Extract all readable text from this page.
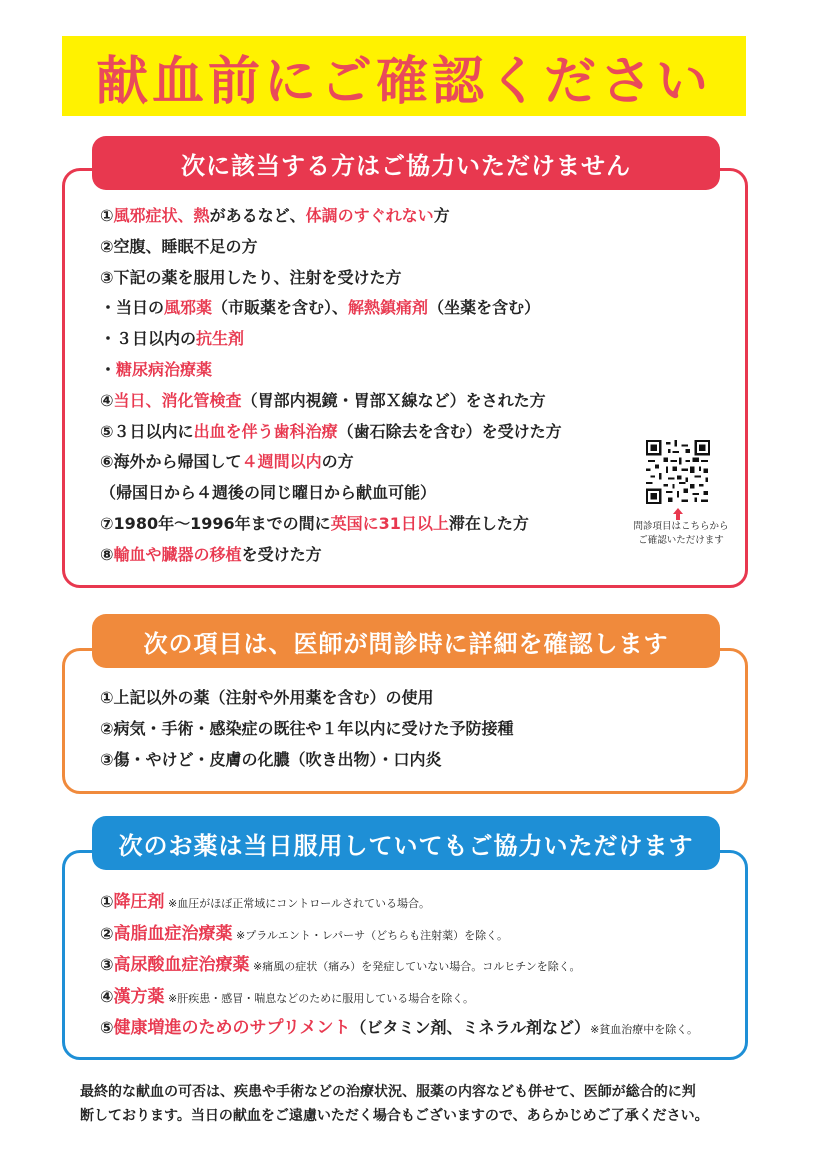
献血前にご確認ください
次に該当する方はご協力いただけません
①風邪症状、熱があるなど、体調のすぐれない方
②空腹、睡眠不足の方
③下記の薬を服用したり、注射を受けた方
・当日の風邪薬（市販薬を含む）、解熱鎮痛剤（坐薬を含む）
・３日以内の抗生剤
・糖尿病治療薬
④当日、消化管検査（胃部内視鏡・胃部Ｘ線など）をされた方
⑤３日以内に出血を伴う歯科治療（歯石除去を含む）を受けた方
⑥海外から帰国して４週間以内の方
（帰国日から４週後の同じ曜日から献血可能）
⑦1980年〜1996年までの間に英国に31日以上滞在した方
⑧輸血や臓器の移植を受けた方
問診項目はこちらから
ご確認いただけます
次の項目は、医師が問診時に詳細を確認します
①上記以外の薬（注射や外用薬を含む）の使用
②病気・手術・感染症の既往や１年以内に受けた予防接種
③傷・やけど・皮膚の化膿（吹き出物）・口内炎
次のお薬は当日服用していてもご協力いただけます
①降圧剤 ※血圧がほぼ正常域にコントロールされている場合。
②高脂血症治療薬 ※プラルエント・レパーサ（どちらも注射薬）を除く。
③高尿酸血症治療薬 ※痛風の症状（痛み）を発症していない場合。コルヒチンを除く。
④漢方薬 ※肝疾患・感冒・喘息などのために服用している場合を除く。
⑤健康増進のためのサプリメント（ビタミン剤、ミネラル剤など）※貧血治療中を除く。
最終的な献血の可否は、疾患や手術などの治療状況、服薬の内容なども併せて、医師が総合的に判
断しております。当日の献血をご遠慮いただく場合もございますので、あらかじめご了承ください。
